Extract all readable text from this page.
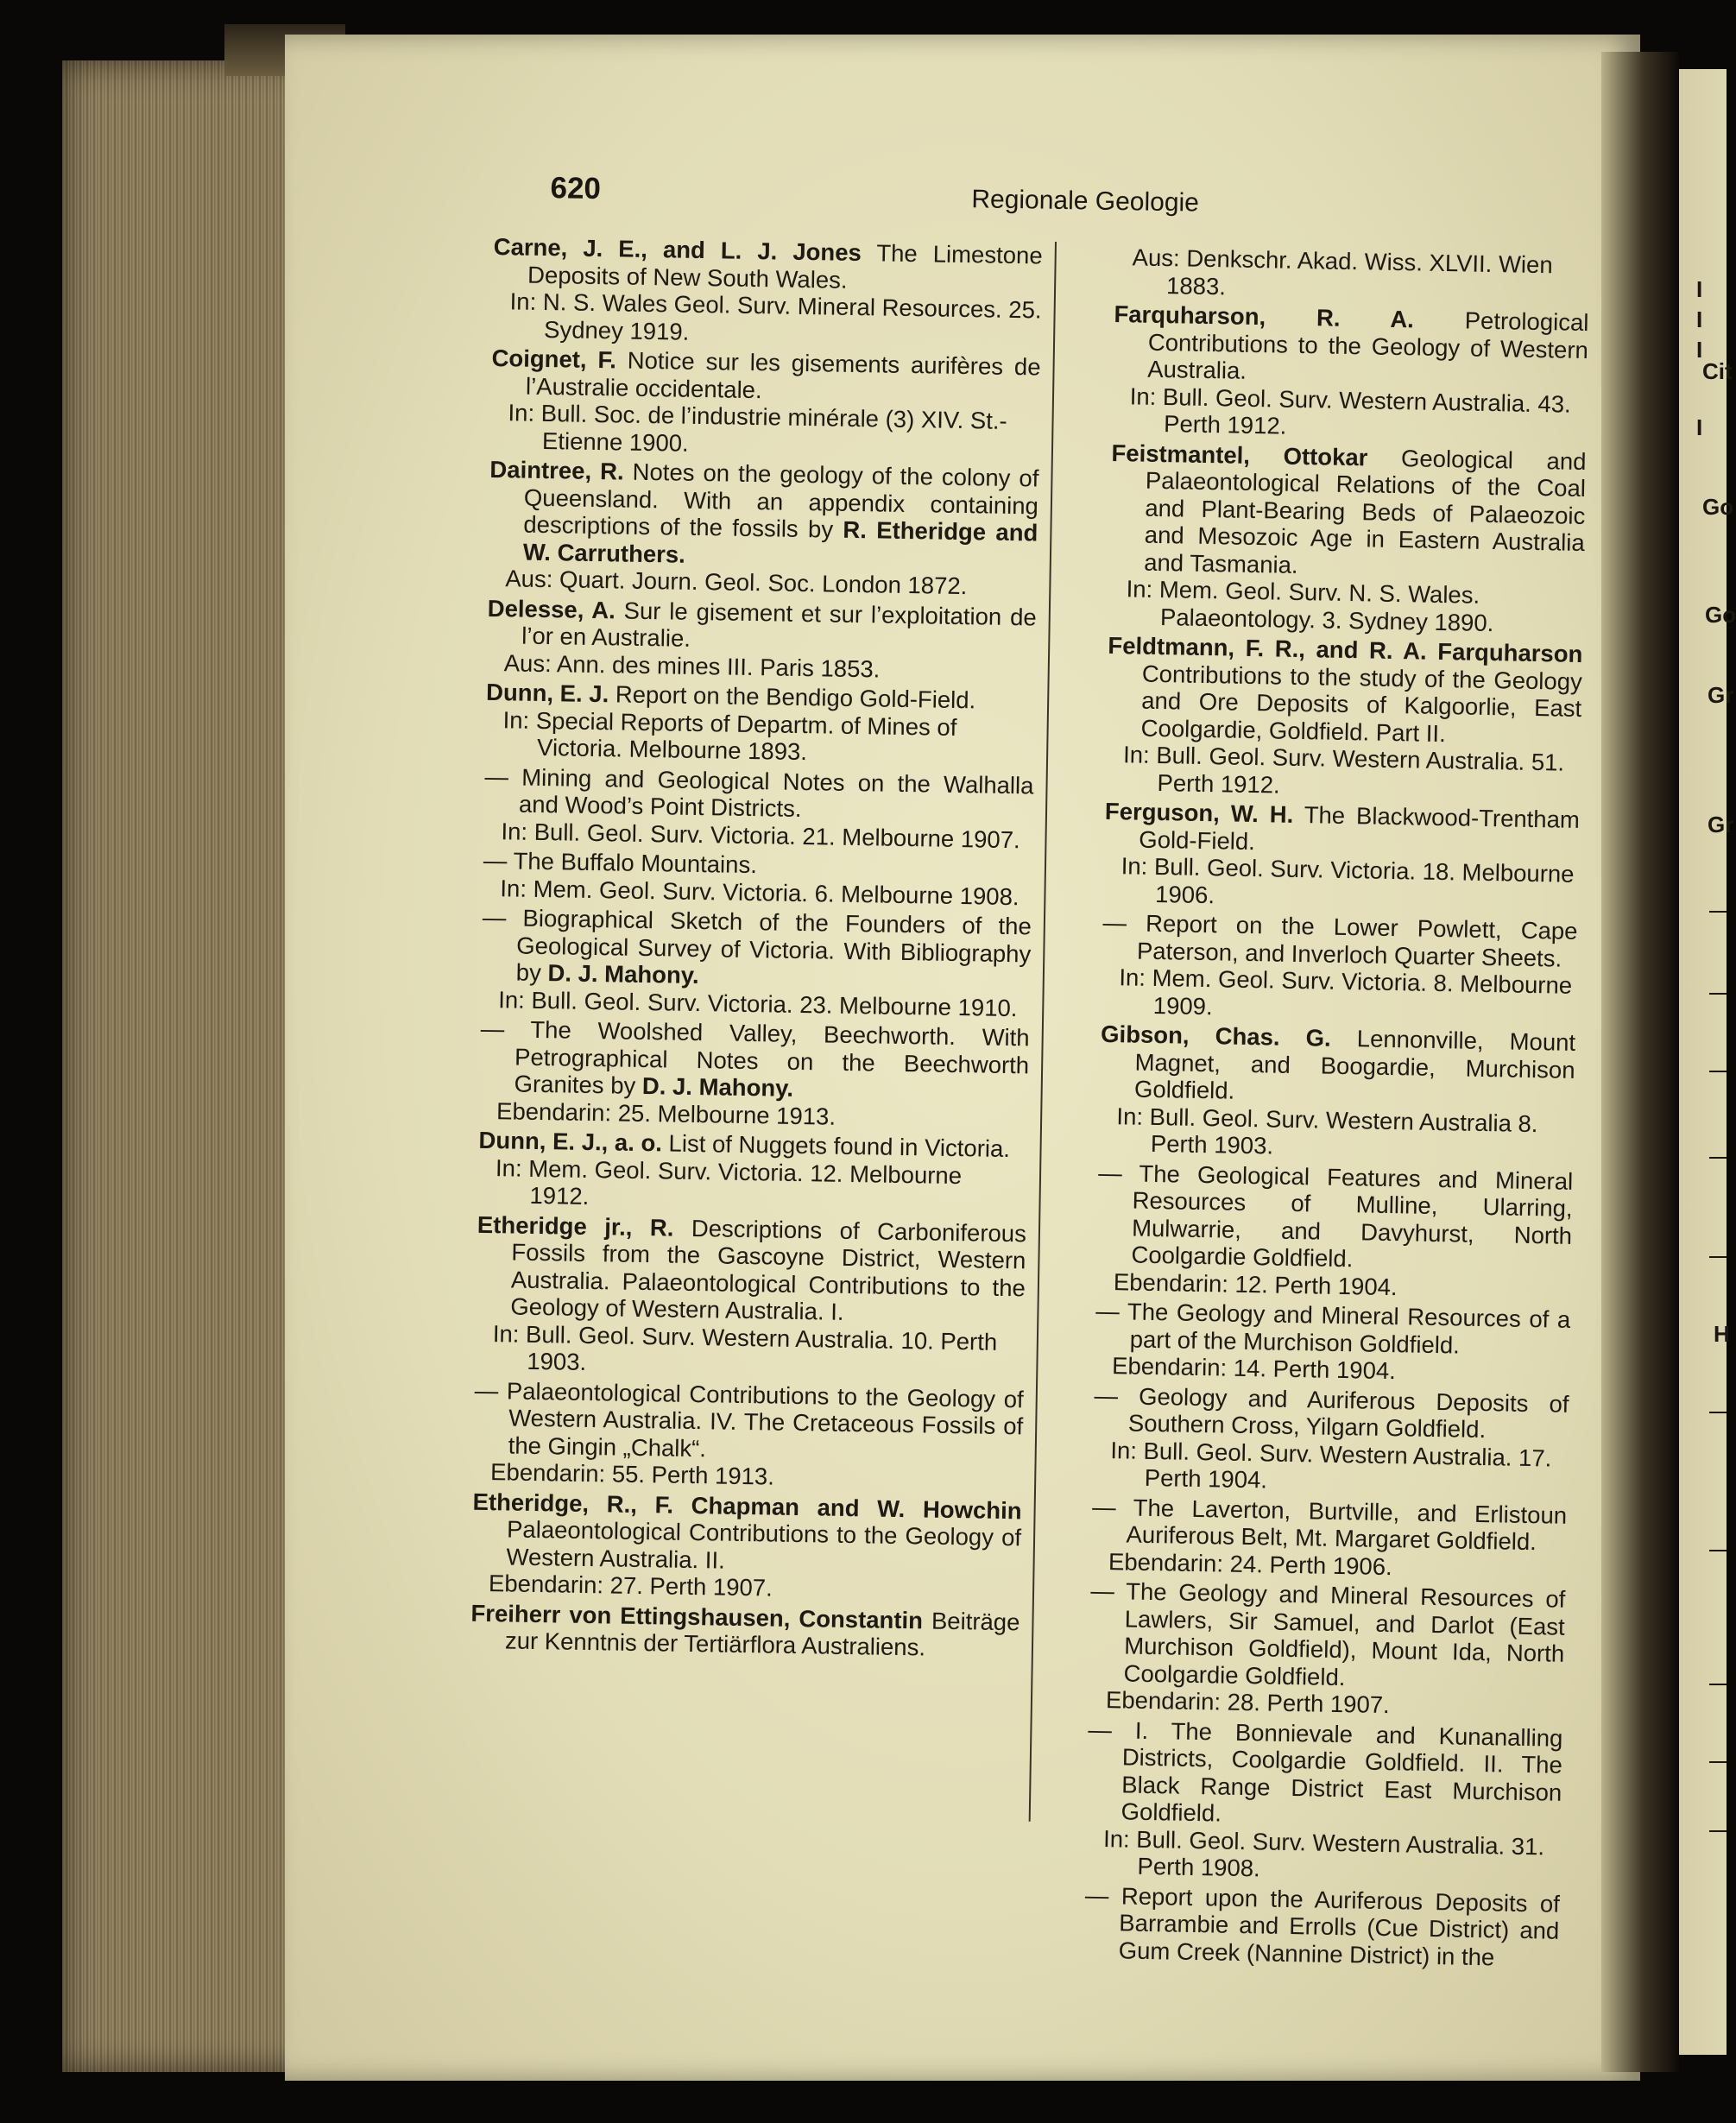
I
I
I
Cit
I
Go
Go
Gr
Gr
H
620	Regionale Geologie
Carne, J. E., and L. J. Jones The Limestone Deposits of New South Wales.
In: N. S. Wales Geol. Surv. Mineral Resources. 25. Sydney 1919.
Coignet, F. Notice sur les gisements aurifères de l’Australie occidentale.
In: Bull. Soc. de l’industrie minérale (3) XIV. St.-Etienne 1900.
Daintree, R. Notes on the geology of the colony of Queensland. With an appendix containing descriptions of the fossils by R. Etheridge and W. Carruthers.
Aus: Quart. Journ. Geol. Soc. London 1872.
Delesse, A. Sur le gisement et sur l’exploitation de l’or en Australie.
Aus: Ann. des mines III. Paris 1853.
Dunn, E. J. Report on the Bendigo Gold-Field.
In: Special Reports of Departm. of Mines of Victoria. Melbourne 1893.
— Mining and Geological Notes on the Walhalla and Wood’s Point Districts.
In: Bull. Geol. Surv. Victoria. 21. Melbourne 1907.
— The Buffalo Mountains.
In: Mem. Geol. Surv. Victoria. 6. Melbourne 1908.
— Biographical Sketch of the Founders of the Geological Survey of Victoria. With Bibliography by D. J. Mahony.
In: Bull. Geol. Surv. Victoria. 23. Melbourne 1910.
— The Woolshed Valley, Beechworth. With Petrographical Notes on the Beechworth Granites by D. J. Mahony.
Ebendarin: 25. Melbourne 1913.
Dunn, E. J., a. o. List of Nuggets found in Victoria.
In: Mem. Geol. Surv. Victoria. 12. Melbourne 1912.
Etheridge jr., R. Descriptions of Carboniferous Fossils from the Gascoyne District, Western Australia. Palaeontological Contributions to the Geology of Western Australia. I.
In: Bull. Geol. Surv. Western Australia. 10. Perth 1903.
— Palaeontological Contributions to the Geology of Western Australia. IV. The Cretaceous Fossils of the Gingin „Chalk“.
Ebendarin: 55. Perth 1913.
Etheridge, R., F. Chapman and W. Howchin Palaeontological Contributions to the Geology of Western Australia. II.
Ebendarin: 27. Perth 1907.
Freiherr von Ettingshausen, Constantin Beiträge zur Kenntnis der Tertiärflora Australiens.
Aus: Denkschr. Akad. Wiss. XLVII. Wien 1883.
Farquharson, R. A. Petrological Contributions to the Geology of Western Australia.
In: Bull. Geol. Surv. Western Australia. 43. Perth 1912.
Feistmantel, Ottokar Geological and Palaeontological Relations of the Coal and Plant-Bearing Beds of Palaeozoic and Mesozoic Age in Eastern Australia and Tasmania.
In: Mem. Geol. Surv. N. S. Wales. Palaeontology. 3. Sydney 1890.
Feldtmann, F. R., and R. A. Farquharson Contributions to the study of the Geology and Ore Deposits of Kalgoorlie, East Coolgardie, Goldfield. Part II.
In: Bull. Geol. Surv. Western Australia. 51. Perth 1912.
Ferguson, W. H. The Blackwood-Trentham Gold-Field.
In: Bull. Geol. Surv. Victoria. 18. Melbourne 1906.
— Report on the Lower Powlett, Cape Paterson, and Inverloch Quarter Sheets.
In: Mem. Geol. Surv. Victoria. 8. Melbourne 1909.
Gibson, Chas. G. Lennonville, Mount Magnet, and Boogardie, Murchison Goldfield.
In: Bull. Geol. Surv. Western Australia 8. Perth 1903.
— The Geological Features and Mineral Resources of Mulline, Ularring, Mulwarrie, and Davyhurst, North Coolgardie Goldfield.
Ebendarin: 12. Perth 1904.
— The Geology and Mineral Resources of a part of the Murchison Goldfield.
Ebendarin: 14. Perth 1904.
— Geology and Auriferous Deposits of Southern Cross, Yilgarn Goldfield.
In: Bull. Geol. Surv. Western Australia. 17. Perth 1904.
— The Laverton, Burtville, and Erlistoun Auriferous Belt, Mt. Margaret Goldfield.
Ebendarin: 24. Perth 1906.
— The Geology and Mineral Resources of Lawlers, Sir Samuel, and Darlot (East Murchison Goldfield), Mount Ida, North Coolgardie Goldfield.
Ebendarin: 28. Perth 1907.
— I. The Bonnievale and Kunanalling Districts, Coolgardie Goldfield. II. The Black Range District East Murchison Goldfield.
In: Bull. Geol. Surv. Western Australia. 31. Perth 1908.
— Report upon the Auriferous Deposits of Barrambie and Errolls (Cue District) and Gum Creek (Nannine District) in the
